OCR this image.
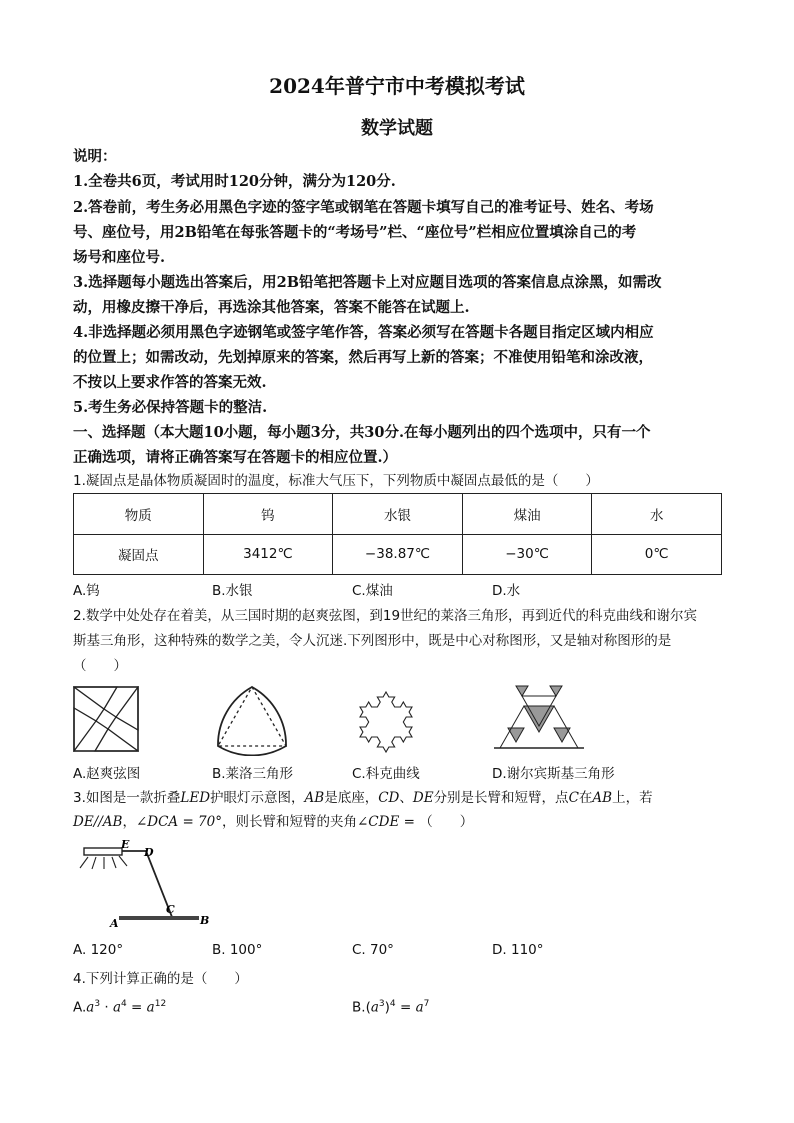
2024年普宁市中考模拟考试
数学试题
说明：
1.全卷共6页，考试用时120分钟，满分为120分.
2.答卷前，考生务必用黑色字迹的签字笔或钢笔在答题卡填写自己的准考证号、姓名、考场
号、座位号，用2B铅笔在每张答题卡的“考场号”栏、“座位号”栏相应位置填涂自己的考
场号和座位号.
3.选择题每小题选出答案后，用2B铅笔把答题卡上对应题目选项的答案信息点涂黑，如需改
动，用橡皮擦干净后，再选涂其他答案，答案不能答在试题上.
4.非选择题必须用黑色字迹钢笔或签字笔作答，答案必须写在答题卡各题目指定区域内相应
的位置上；如需改动，先划掉原来的答案，然后再写上新的答案；不准使用铅笔和涂改液，
不按以上要求作答的答案无效.
5.考生务必保持答题卡的整洁.
一、选择题（本大题10小题，每小题3分，共30分.在每小题列出的四个选项中，只有一个
正确选项，请将正确答案写在答题卡的相应位置.）
1.凝固点是晶体物质凝固时的温度，标准大气压下，下列物质中凝固点最低的是（　　）
物质	钨	水银	煤油	水
凝固点	3412℃	−38.87℃	−30℃	0℃
A.钨	B.水银	C.煤油	D.水
2.数学中处处存在着美，从三国时期的赵爽弦图，到19世纪的莱洛三角形，再到近代的科克曲线和谢尔宾
斯基三角形，这种特殊的数学之美，令人沉迷.下列图形中，既是中心对称图形，又是轴对称图形的是
（　　）
A.赵爽弦图	B.莱洛三角形	C.科克曲线	D.谢尔宾斯基三角形
3.如图是一款折叠LED护眼灯示意图，AB是底座，CD、DE分别是长臂和短臂，点C在AB上，若
DE//AB，∠DCA = 70°，则长臂和短臂的夹角∠CDE = （　　）
E
D
C
A	B
A. 120°	B. 100°	C. 70°	D. 110°
4.下列计算正确的是（　　）
$A.a^3 \cdot a^4 = a^{12}$	$B.(a^3)^4 = a^7$
